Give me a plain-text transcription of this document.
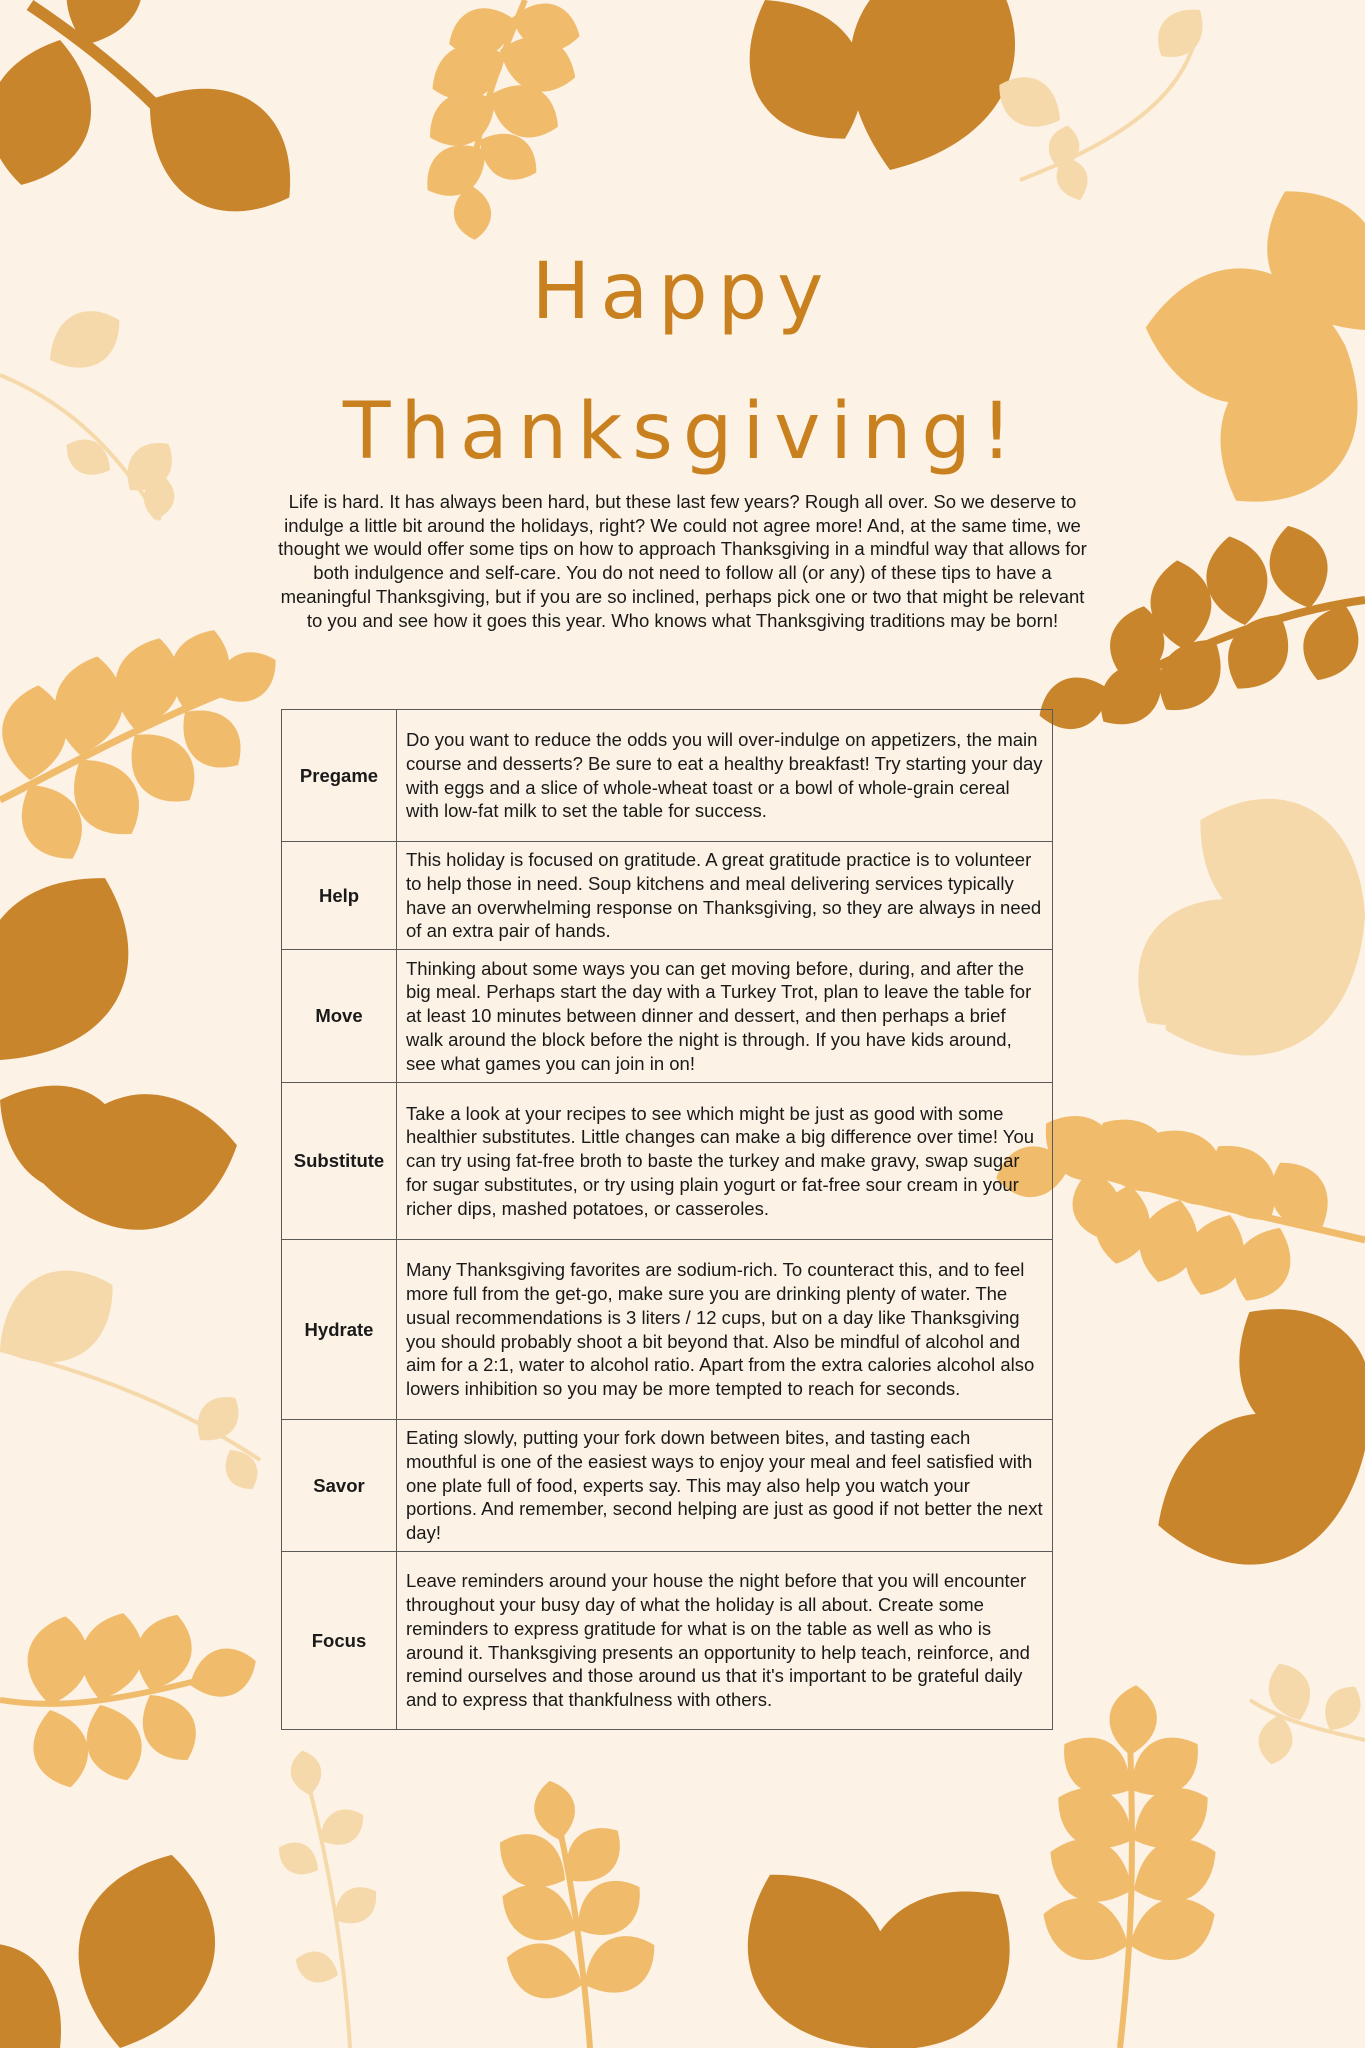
Happy
Thanksgiving!

Life is hard. It has always been hard, but these last few years? Rough all over. So we deserve to indulge a little bit around the holidays, right? We could not agree more! And, at the same time, we thought we would offer some tips on how to approach Thanksgiving in a mindful way that allows for both indulgence and self-care. You do not need to follow all (or any) of these tips to have a meaningful Thanksgiving, but if you are so inclined, perhaps pick one or two that might be relevant to you and see how it goes this year. Who knows what Thanksgiving traditions may be born!

Pregame	Do you want to reduce the odds you will over-indulge on appetizers, the main course and desserts? Be sure to eat a healthy breakfast! Try starting your day with eggs and a slice of whole-wheat toast or a bowl of whole-grain cereal with low-fat milk to set the table for success.
Help	This holiday is focused on gratitude. A great gratitude practice is to volunteer to help those in need. Soup kitchens and meal delivering services typically have an overwhelming response on Thanksgiving, so they are always in need of an extra pair of hands.
Move	Thinking about some ways you can get moving before, during, and after the big meal. Perhaps start the day with a Turkey Trot, plan to leave the table for at least 10 minutes between dinner and dessert, and then perhaps a brief walk around the block before the night is through. If you have kids around, see what games you can join in on!
Substitute	Take a look at your recipes to see which might be just as good with some healthier substitutes. Little changes can make a big difference over time! You can try using fat-free broth to baste the turkey and make gravy, swap sugar for sugar substitutes, or try using plain yogurt or fat-free sour cream in your richer dips, mashed potatoes, or casseroles.
Hydrate	Many Thanksgiving favorites are sodium-rich. To counteract this, and to feel more full from the get-go, make sure you are drinking plenty of water. The usual recommendations is 3 liters / 12 cups, but on a day like Thanksgiving you should probably shoot a bit beyond that. Also be mindful of alcohol and aim for a 2:1, water to alcohol ratio. Apart from the extra calories alcohol also lowers inhibition so you may be more tempted to reach for seconds.
Savor	Eating slowly, putting your fork down between bites, and tasting each mouthful is one of the easiest ways to enjoy your meal and feel satisfied with one plate full of food, experts say. This may also help you watch your portions. And remember, second helping are just as good if not better the next day!
Focus	Leave reminders around your house the night before that you will encounter throughout your busy day of what the holiday is all about. Create some reminders to express gratitude for what is on the table as well as who is around it. Thanksgiving presents an opportunity to help teach, reinforce, and remind ourselves and those around us that it's important to be grateful daily and to express that thankfulness with others.
